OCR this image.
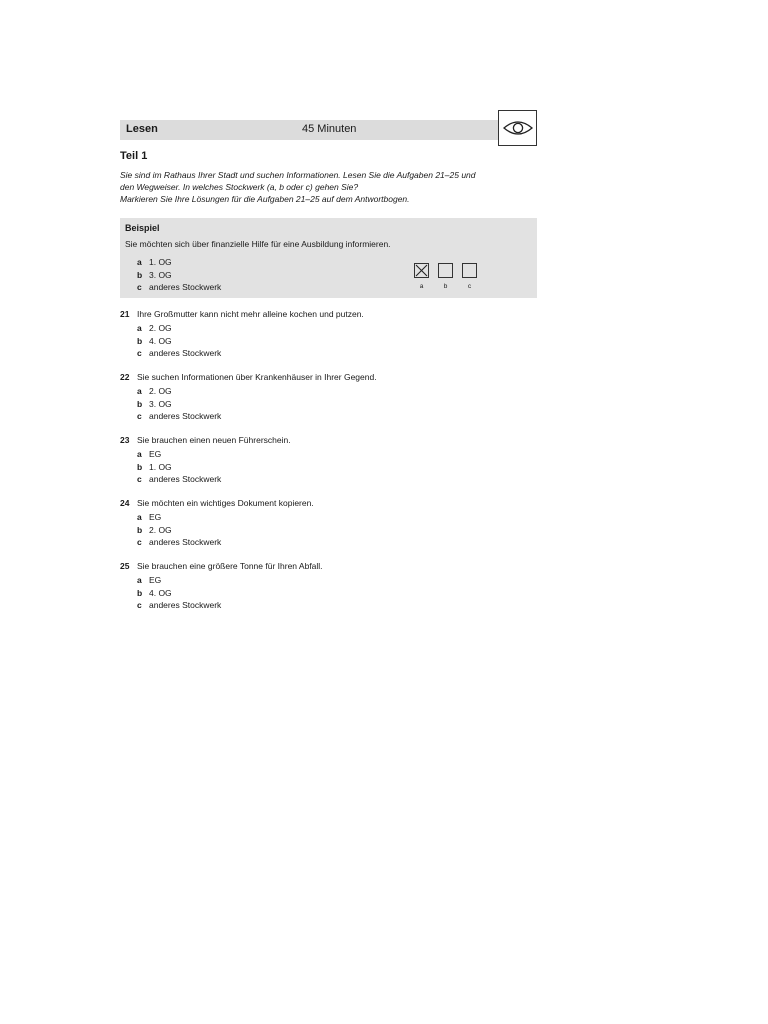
Lesen	45 Minuten
Teil 1
Sie sind im Rathaus Ihrer Stadt und suchen Informationen. Lesen Sie die Aufgaben 21–25 und
den Wegweiser. In welches Stockwerk (a, b oder c) gehen Sie?
Markieren Sie Ihre Lösungen für die Aufgaben 21–25 auf dem Antwortbogen.
Beispiel
Sie möchten sich über finanzielle Hilfe für eine Ausbildung informieren.
a 1. OG
b 3. OG
c anderes Stockwerk	a	b	c
21 Ihre Großmutter kann nicht mehr alleine kochen und putzen.
a 2. OG
b 4. OG
c anderes Stockwerk
22 Sie suchen Informationen über Krankenhäuser in Ihrer Gegend.
a 2. OG
b 3. OG
c anderes Stockwerk
23 Sie brauchen einen neuen Führerschein.
a EG
b 1. OG
c anderes Stockwerk
24 Sie möchten ein wichtiges Dokument kopieren.
a EG
b 2. OG
c anderes Stockwerk
25 Sie brauchen eine größere Tonne für Ihren Abfall.
a EG
b 4. OG
c anderes Stockwerk
